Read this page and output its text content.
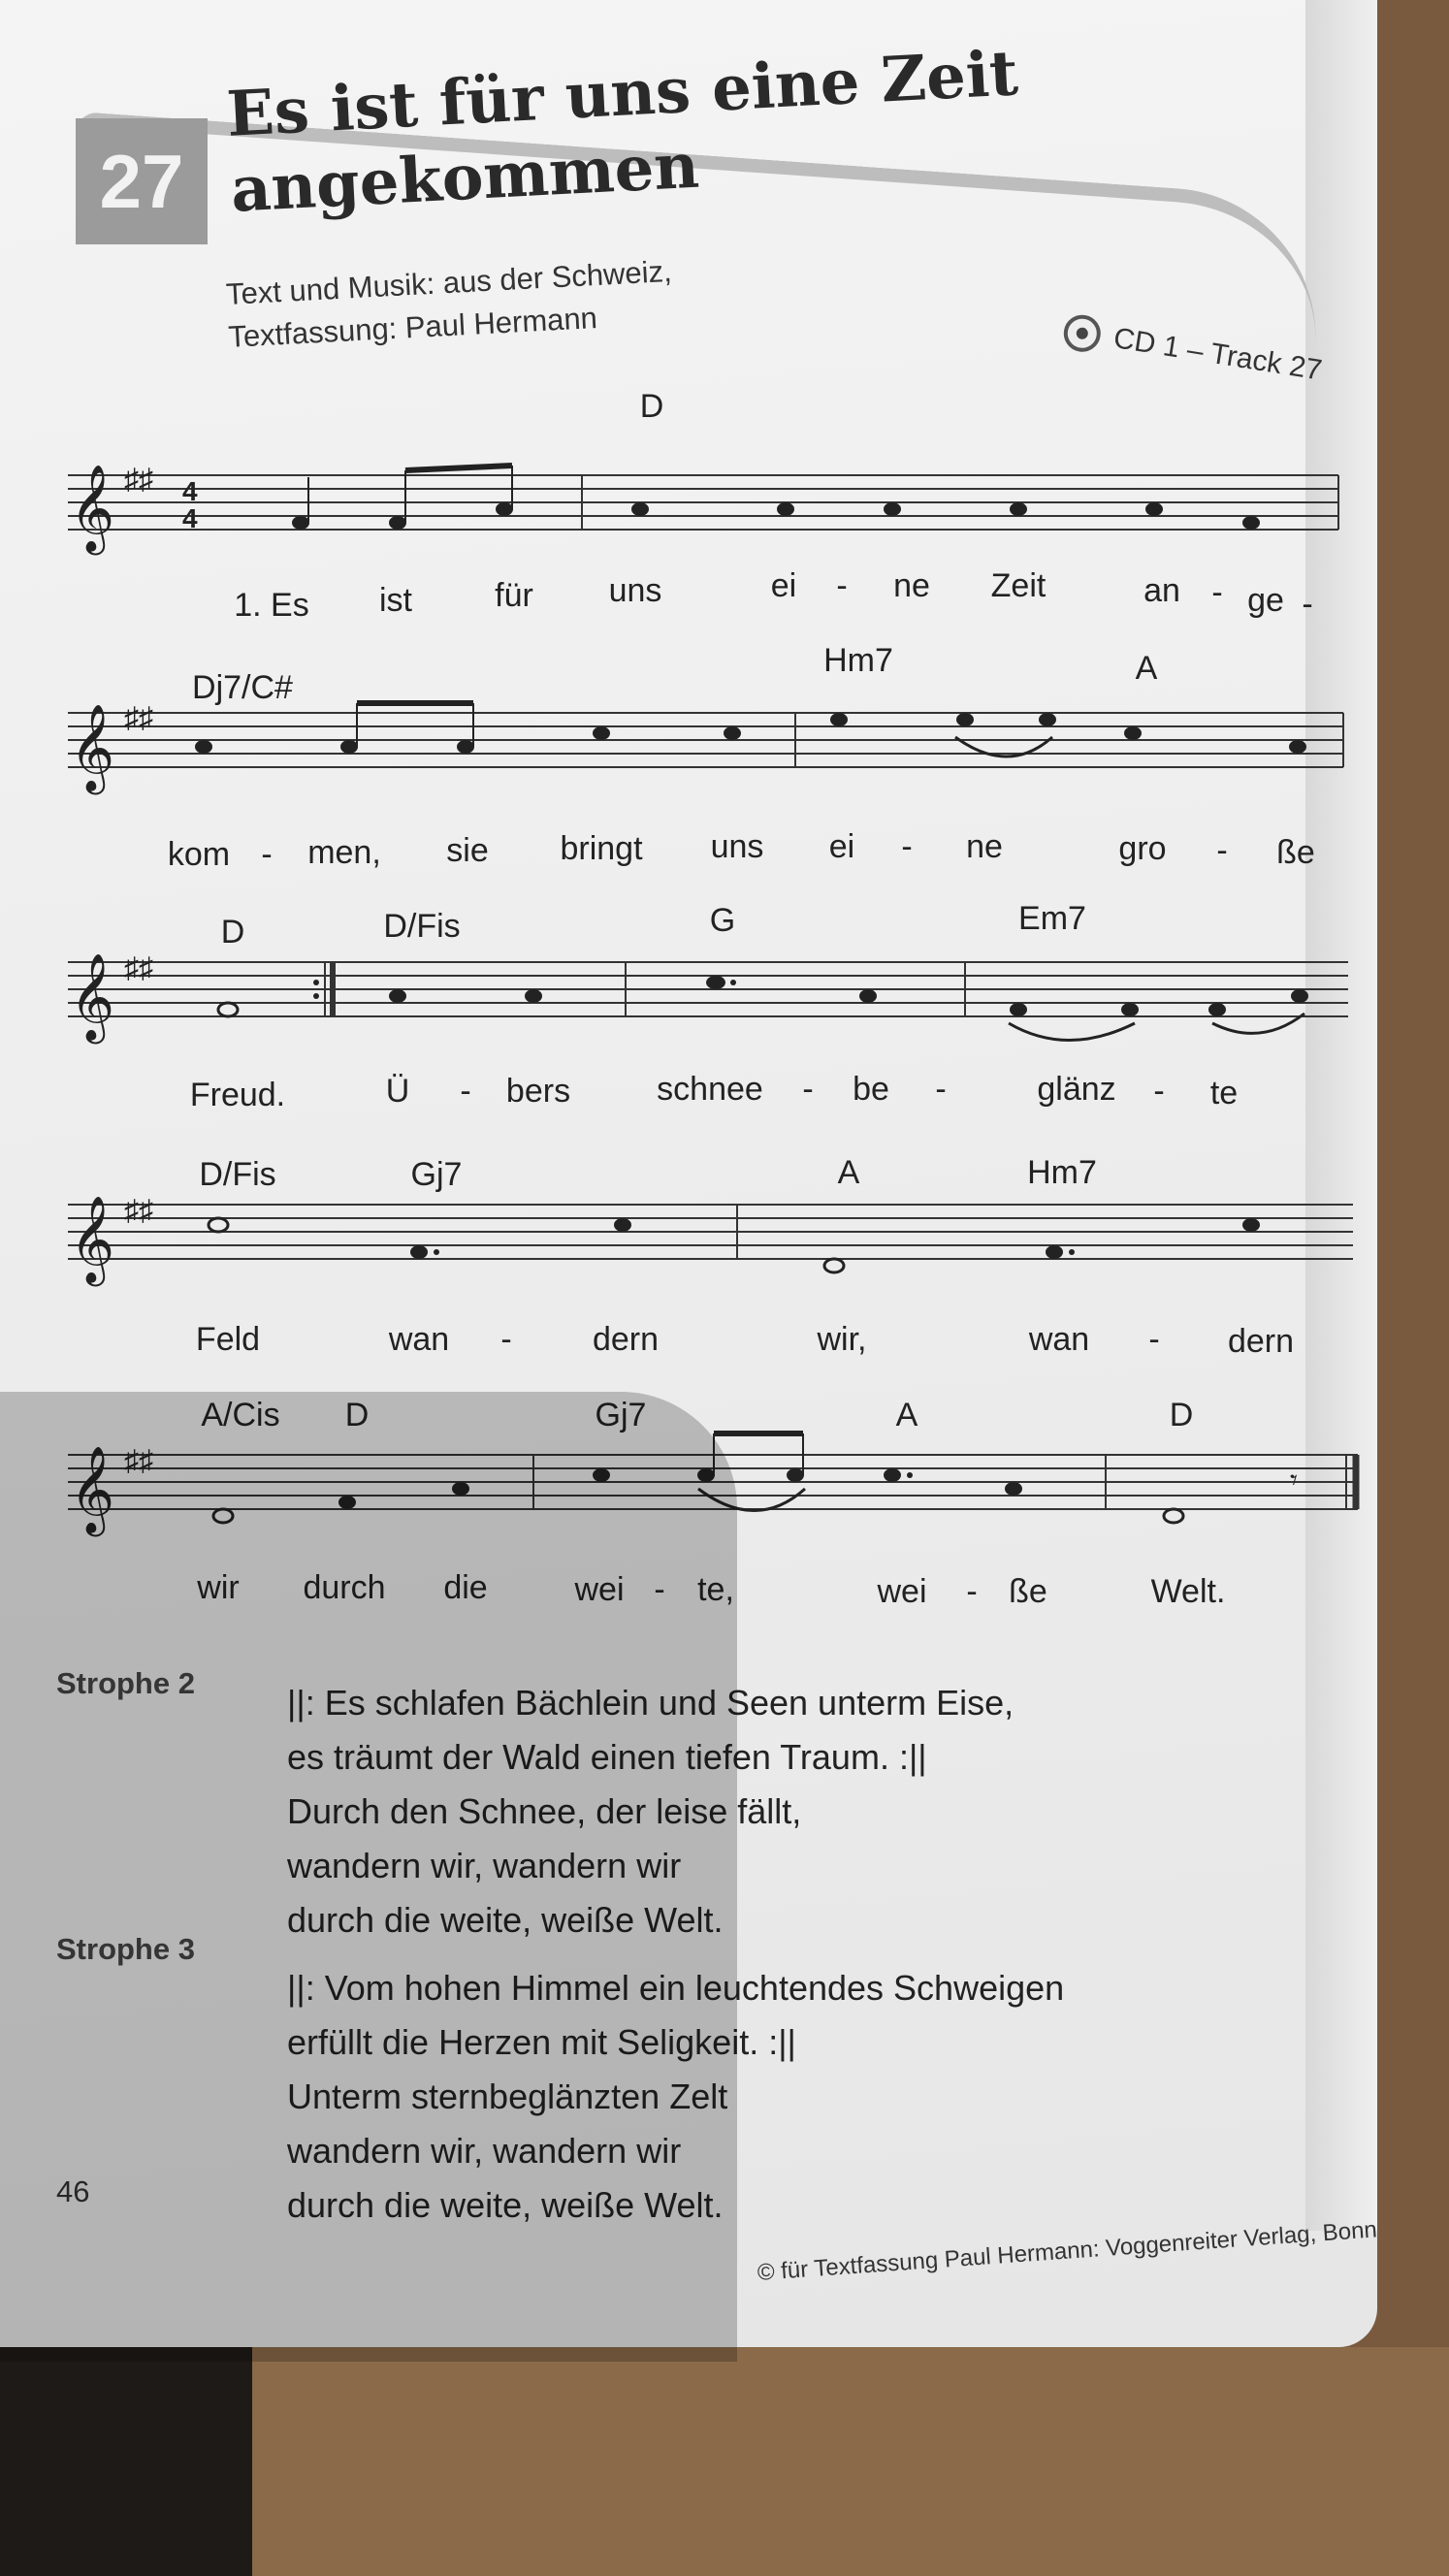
27
Es ist für uns eine Zeit
angekommen
Text und Musik: aus der Schweiz,
Textfassung: Paul Hermann	CD 1 – Track 27
𝄞 ♯♯ 4
4
D
1. Es ist	für uns	ei - ne Zeit	an - ge -
𝄞 ♯♯
Dj7/C#
Hm7	A
kom - men, sie bringt uns ei - ne	gro - ße
𝄞 ♯♯
D	D/Fis	G	Em7
Freud.	Ü - bers	schnee - be -	glänz - te
𝄞 ♯♯
D/Fis	Gj7	A	Hm7
Feld	wan - dern	wir,	wan - dern
𝄞 ♯♯
𝄾
A/Cis D	Gj7	A	D
wir durch die	wei - te,	wei - ße	Welt.
Strophe 2	||: Es schlafen Bächlein und Seen unterm Eise,
es träumt der Wald einen tiefen Traum. :||
Durch den Schnee, der leise fällt,
wandern wir, wandern wir
durch die weite, weiße Welt.
Strophe 3
||: Vom hohen Himmel ein leuchtendes Schweigen
erfüllt die Herzen mit Seligkeit. :||
Unterm sternbeglänzten Zelt
wandern wir, wandern wir
durch die weite, weiße Welt.
46
© für Textfassung Paul Hermann: Voggenreiter Verlag, Bonn
